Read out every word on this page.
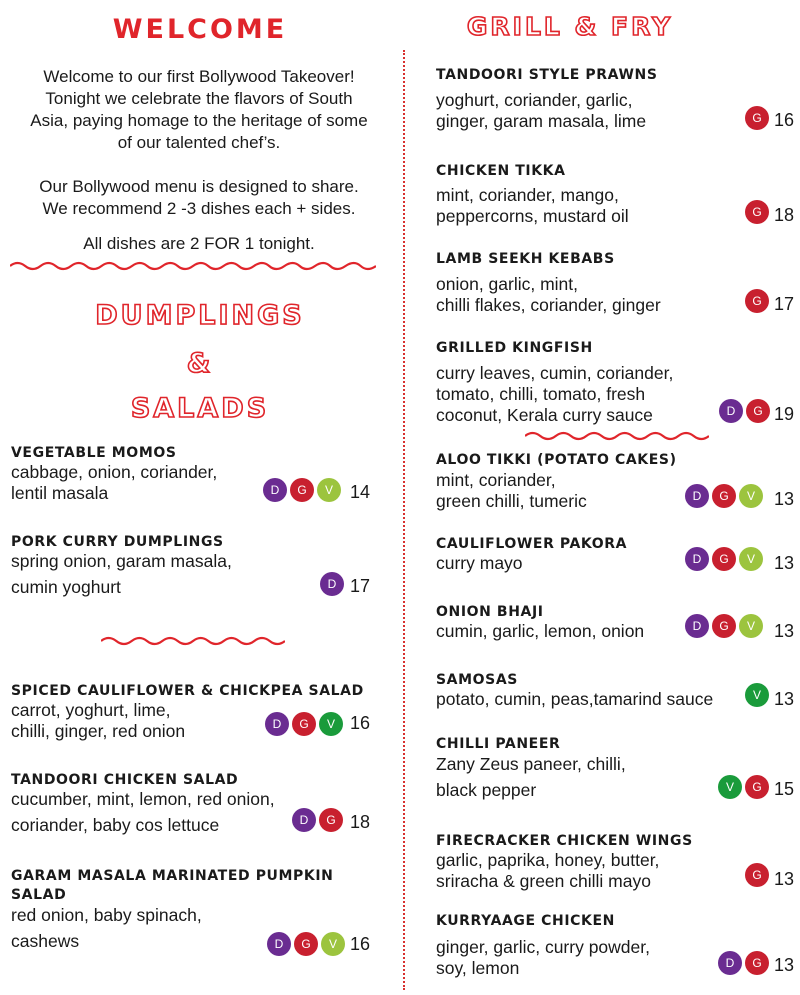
WELCOME
Welcome to our first Bollywood Takeover!
Tonight we celebrate the flavors of South
Asia, paying homage to the heritage of some
of our talented chef’s.
Our Bollywood menu is designed to share.
We recommend 2 -3 dishes each + sides.
All dishes are 2 FOR 1 tonight.
DUMPLINGS
&
SALADS
VEGETABLE MOMOS
cabbage, onion, coriander,
lentil masala	D	G	V 14
PORK CURRY DUMPLINGS
spring onion, garam masala,
cumin yoghurt	D 17
SPICED CAULIFLOWER & CHICKPEA SALAD
carrot, yoghurt, lime,
chilli, ginger, red onion	D	G	V 16
TANDOORI CHICKEN SALAD
cucumber, mint, lemon, red onion,
coriander, baby cos lettuce	D	G 18
GARAM MASALA MARINATED PUMPKIN
SALAD
red onion, baby spinach,
cashews	D	G	V 16
GRILL & FRY
TANDOORI STYLE PRAWNS
yoghurt, coriander, garlic,
ginger, garam masala, lime	G 16
CHICKEN TIKKA
mint, coriander, mango,
peppercorns, mustard oil	G 18
LAMB SEEKH KEBABS
onion, garlic, mint,
chilli flakes, coriander, ginger	G 17
GRILLED KINGFISH
curry leaves, cumin, coriander,
tomato, chilli, tomato, fresh
coconut, Kerala curry sauce	D	G 19
ALOO TIKKI (POTATO CAKES)
mint, coriander,
green chilli, tumeric	D	G	V	13
CAULIFLOWER PAKORA
curry mayo	D	G	V	13
ONION BHAJI
cumin, garlic, lemon, onion	D	G	V	13
SAMOSAS
potato, cumin, peas,tamarind sauce	V 13
CHILLI PANEER
Zany Zeus paneer, chilli,
black pepper	V	G 15
FIRECRACKER CHICKEN WINGS
garlic, paprika, honey, butter,
sriracha & green chilli mayo	G 13
KURRYAAGE CHICKEN
ginger, garlic, curry powder,
soy, lemon	D	G 13
